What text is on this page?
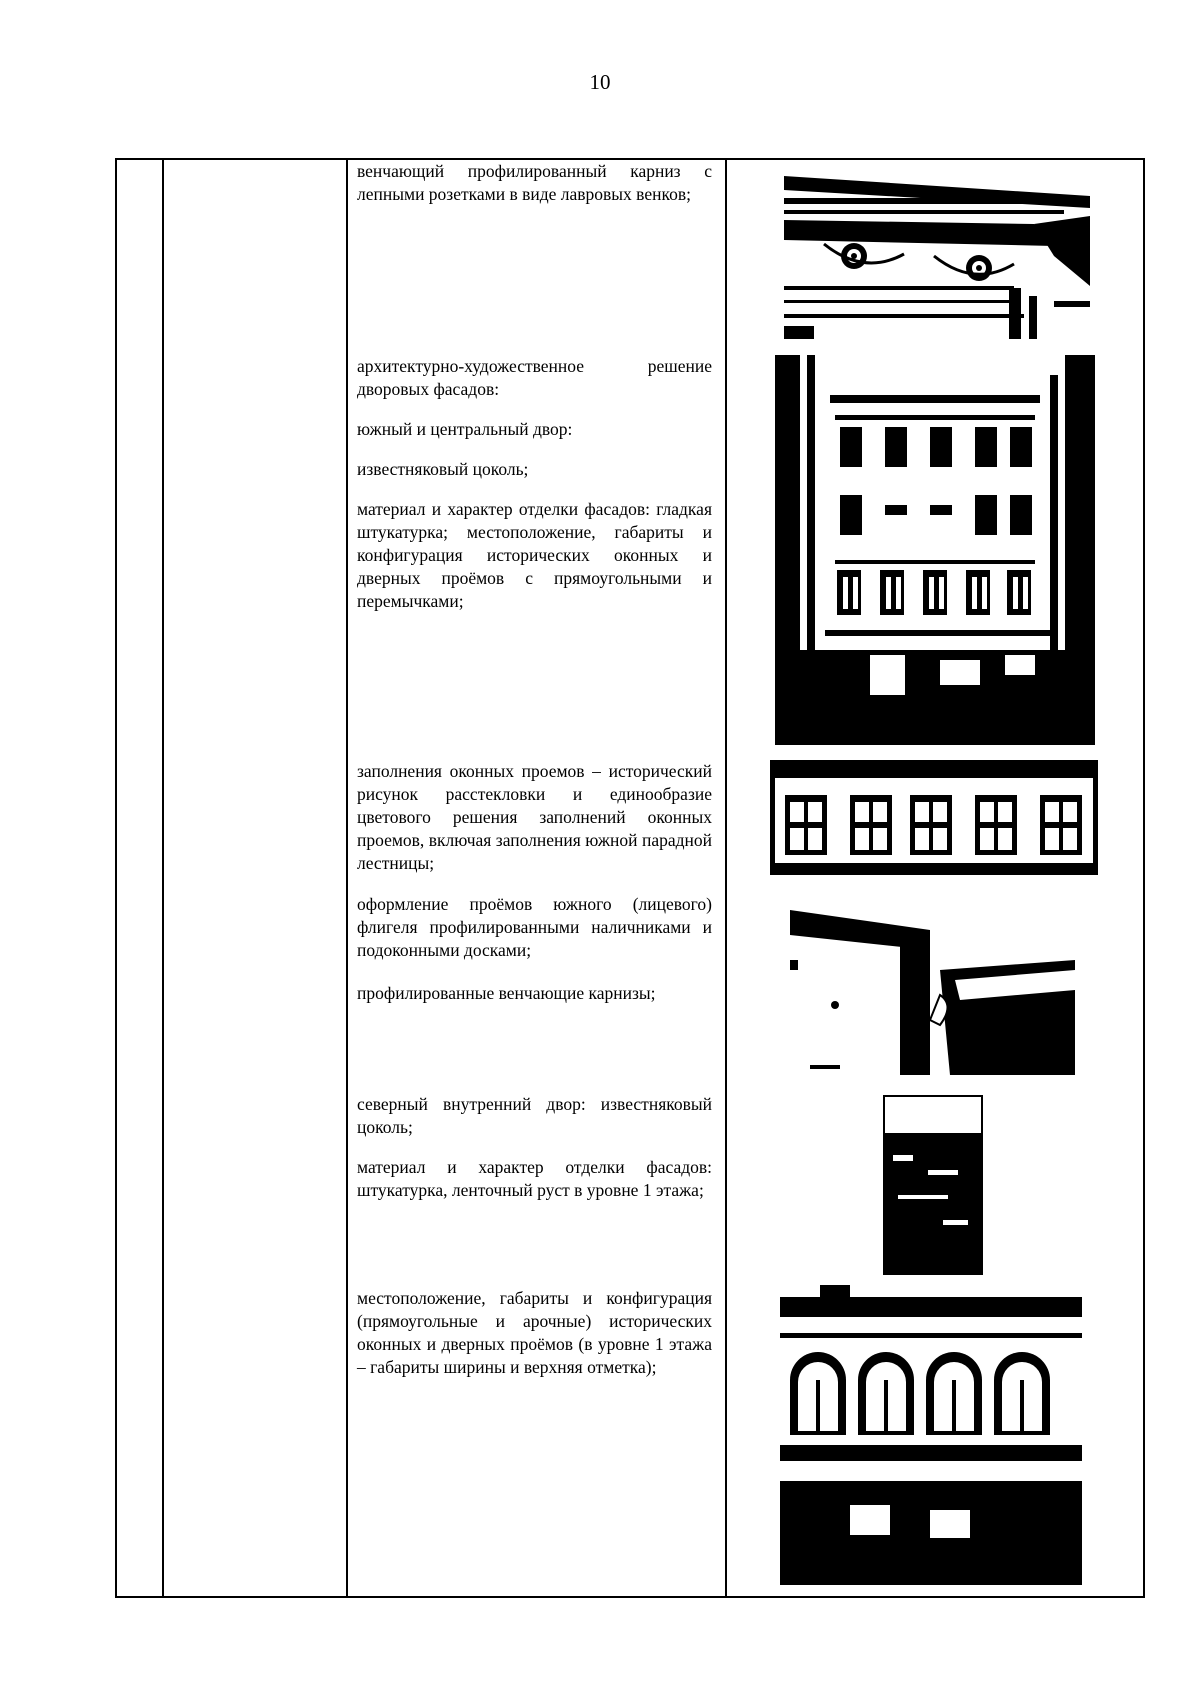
10

венчающий профилированный карниз с лепными розетками в виде лавровых венков;

архитектурно-художественное решение дворовых фасадов:

южный и центральный двор:

известняковый цоколь;

материал и характер отделки фасадов: гладкая штукатурка; местоположение, габариты и конфигурация исторических оконных и дверных проёмов с прямоугольными и перемычками;

заполнения оконных проемов – исторический рисунок расстекловки и единообразие цветового решения заполнений оконных проемов, включая заполнения южной парадной лестницы;

оформление проёмов южного (лицевого) флигеля профилированными наличниками и подоконными досками;

профилированные венчающие карнизы;

северный внутренний двор: известняковый цоколь;

материал и характер отделки фасадов: штукатурка, ленточный руст в уровне 1 этажа;

местоположение, габариты и конфигурация (прямоугольные и арочные) исторических оконных и дверных проёмов (в уровне 1 этажа – габариты ширины и верхняя отметка);
